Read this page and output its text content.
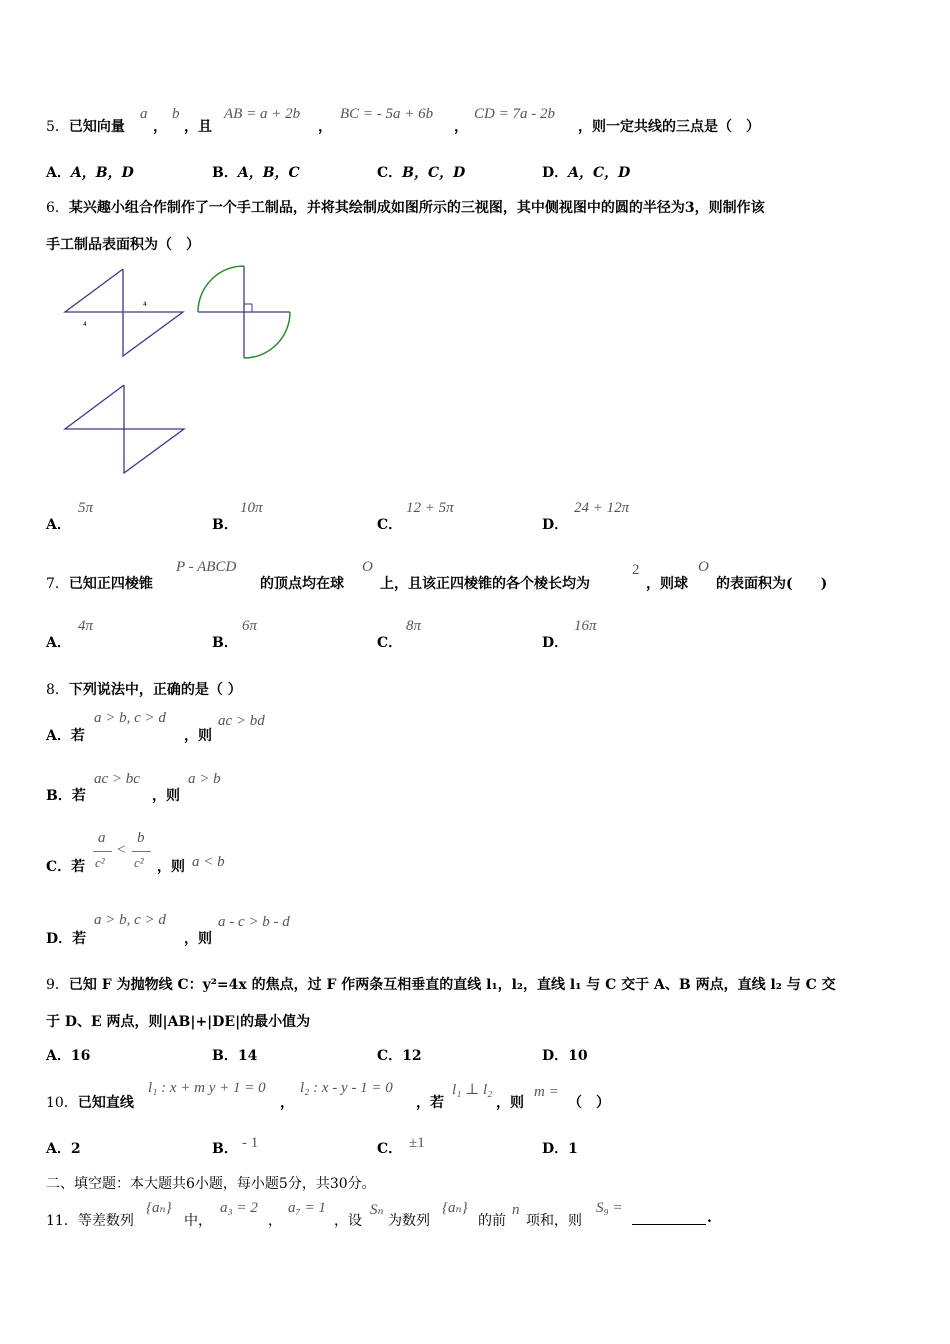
5．已知向量
a
，
b
，且
AB = a + 2b
，
BC = - 5a + 6b
，
CD = 7a - 2b
，则一定共线的三点是（　）
A．A，B，D	B．A，B，C	C．B，C，D	D．A，C，D
6．某兴趣小组合作制作了一个手工制品，并将其绘制成如图所示的三视图，其中侧视图中的圆的半径为3，则制作该
手工制品表面积为（　）
4
4
A．
5π
B．
10π
C．
12 + 5π
D．
24 + 12π
7．已知正四棱锥
P - ABCD
的顶点均在球
O
上，且该正四棱锥的各个棱长均为
2
，则球
O
的表面积为(　　)
A．
4π
B．
6π
C．
8π
D．
16π
8．下列说法中，正确的是（ ）
A．若
a > b, c > d
，则
ac > bd
B．若
ac > bc
，则
a > b
C．若
a
c²
<
b
c² ，则 a < b
D．若
a > b, c > d
，则
a - c > b - d
9．已知 F 为抛物线 C：y²=4x 的焦点，过 F 作两条互相垂直的直线 l₁，l₂，直线 l₁ 与 C 交于 A、B 两点，直线 l₂ 与 C 交
于 D、E 两点，则|AB|+|DE|的最小值为
A．16	B．14	C．12	D．10
10．已知直线
l₁ : x + m y + 1 = 0
，
l₂ : x - y - 1 = 0
，若
l₁ ⊥ l₂
，则
m =
（　）
A．2	B． - 1	C． ±1	D．1
二、填空题：本大题共6小题，每小题5分，共30分。
11．等差数列
{aₙ}
中，
a₃ = 2
，
a₇ = 1
，设
Sₙ
为数列
{aₙ}
的前
n
项和，则
S₉ =
.
